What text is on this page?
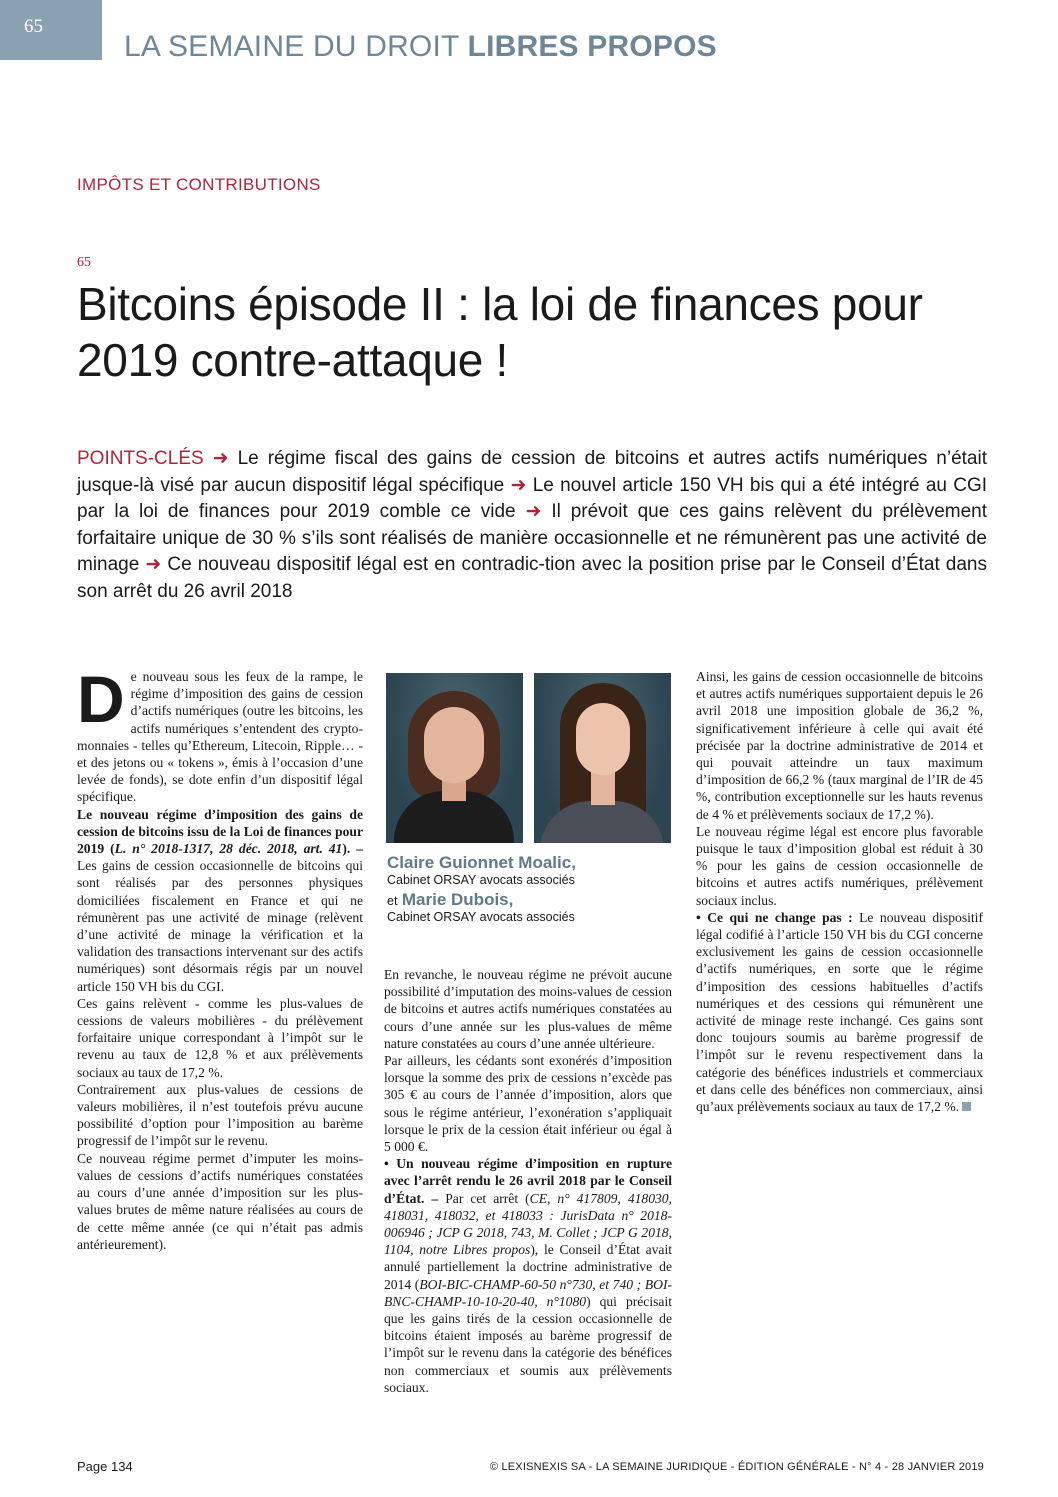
65
LA SEMAINE DU DROIT LIBRES PROPOS
IMPÔTS ET CONTRIBUTIONS
65
Bitcoins épisode II : la loi de finances pour 2019 contre-attaque !
POINTS-CLÉS ➜ Le régime fiscal des gains de cession de bitcoins et autres actifs numériques n’était jusque-là visé par aucun dispositif légal spécifique ➜ Le nouvel article 150 VH bis qui a été intégré au CGI par la loi de finances pour 2019 comble ce vide ➜ Il prévoit que ces gains relèvent du prélèvement forfaitaire unique de 30 % s’ils sont réalisés de manière occasionnelle et ne rémunèrent pas une activité de minage ➜ Ce nouveau dispositif légal est en contradic-tion avec la position prise par le Conseil d’État dans son arrêt du 26 avril 2018

De nouveau sous les feux de la rampe, le régime d’imposition des gains de cession d’actifs numériques (outre les bitcoins, les actifs numériques s’entendent des crypto-monnaies - telles qu’Ethereum, Litecoin, Ripple… - et des jetons ou « tokens », émis à l’occasion d’une levée de fonds), se dote enfin d’un dispositif légal spécifique.

Le nouveau régime d’imposition des gains de cession de bitcoins issu de la Loi de finances pour 2019 (L. n° 2018-1317, 28 déc. 2018, art. 41). – Les gains de cession occasionnelle de bitcoins qui sont réalisés par des personnes physiques domiciliées fiscalement en France et qui ne rémunèrent pas une activité de minage (relèvent d’une activité de minage la vérification et la validation des transactions intervenant sur des actifs numériques) sont désormais régis par un nouvel article 150 VH bis du CGI.

Ces gains relèvent - comme les plus-values de cessions de valeurs mobilières - du prélèvement forfaitaire unique correspondant à l’impôt sur le revenu au taux de 12,8 % et aux prélèvements sociaux au taux de 17,2 %.

Contrairement aux plus-values de cessions de valeurs mobilières, il n’est toutefois prévu aucune possibilité d’option pour l’imposition au barème progressif de l’impôt sur le revenu.

Ce nouveau régime permet d’imputer les moins-values de cessions d’actifs numériques constatées au cours d’une année d’imposition sur les plus-values brutes de même nature réalisées au cours de de cette même année (ce qui n’était pas admis antérieurement).

Claire Guionnet Moalic,
Cabinet ORSAY avocats associés
et Marie Dubois,
Cabinet ORSAY avocats associés

En revanche, le nouveau régime ne prévoit aucune possibilité d’imputation des moins-values de cession de bitcoins et autres actifs numériques constatées au cours d’une année sur les plus-values de même nature constatées au cours d’une année ultérieure.

Par ailleurs, les cédants sont exonérés d’imposition lorsque la somme des prix de cessions n’excède pas 305 € au cours de l’année d’imposition, alors que sous le régime antérieur, l’exonération s’appliquait lorsque le prix de la cession était inférieur ou égal à 5 000 €.

• Un nouveau régime d’imposition en rupture avec l’arrêt rendu le 26 avril 2018 par le Conseil d’État. – Par cet arrêt (CE, n° 417809, 418030, 418031, 418032, et 418033 : JurisData n° 2018-006946 ; JCP G 2018, 743, M. Collet ; JCP G 2018, 1104, notre Libres propos), le Conseil d’État avait annulé partiellement la doctrine administrative de 2014 (BOI-BIC-CHAMP-60-50 n°730, et 740 ; BOI-BNC-CHAMP-10-10-20-40, n°1080) qui précisait que les gains tirés de la cession occasionnelle de bitcoins étaient imposés au barème progressif de l’impôt sur le revenu dans la catégorie des bénéfices non commerciaux et soumis aux prélèvements sociaux.

Ainsi, les gains de cession occasionnelle de bitcoins et autres actifs numériques supportaient depuis le 26 avril 2018 une imposition globale de 36,2 %, significativement inférieure à celle qui avait été précisée par la doctrine administrative de 2014 et qui pouvait atteindre un taux maximum d’imposition de 66,2 % (taux marginal de l’IR de 45 %, contribution exceptionnelle sur les hauts revenus de 4 % et prélèvements sociaux de 17,2 %).

Le nouveau régime légal est encore plus favorable puisque le taux d’imposition global est réduit à 30 % pour les gains de cession occasionnelle de bitcoins et autres actifs numériques, prélèvement sociaux inclus.

• Ce qui ne change pas : Le nouveau dispositif légal codifié à l’article 150 VH bis du CGI concerne exclusivement les gains de cession occasionnelle d’actifs numériques, en sorte que le régime d’imposition des cessions habituelles d’actifs numériques et des cessions qui rémunèrent une activité de minage reste inchangé. Ces gains sont donc toujours soumis au barème progressif de l’impôt sur le revenu respectivement dans la catégorie des bénéfices industriels et commerciaux et dans celle des bénéfices non commerciaux, ainsi qu’aux prélèvements sociaux au taux de 17,2 %.

Page 134	© LEXISNEXIS SA - LA SEMAINE JURIDIQUE - ÉDITION GÉNÉRALE - N° 4 - 28 JANVIER 2019
